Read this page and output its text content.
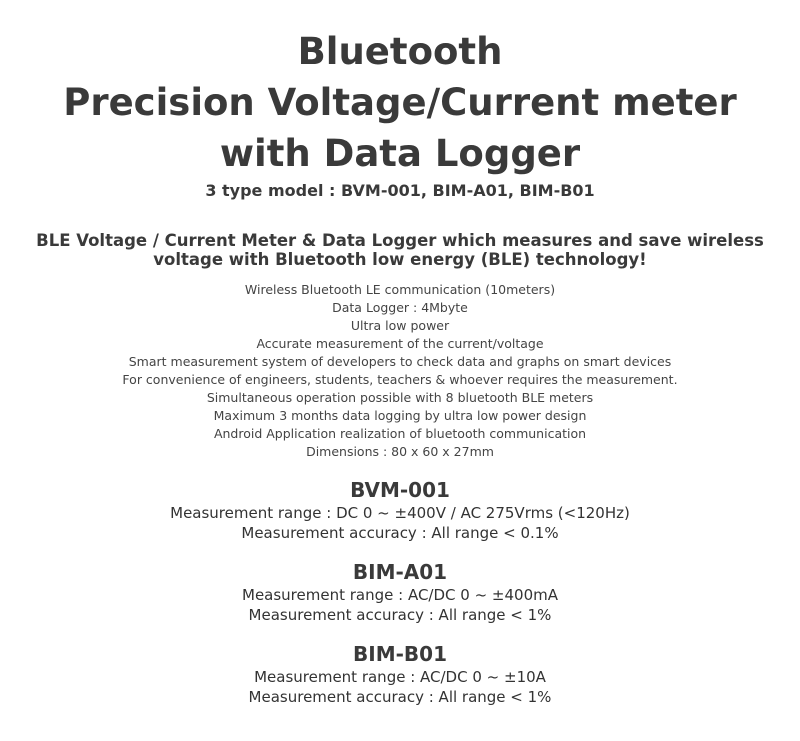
Bluetooth
Precision Voltage/Current meter
with Data Logger

3 type model : BVM-001, BIM-A01, BIM-B01

BLE Voltage / Current Meter & Data Logger which measures and save wireless
voltage with Bluetooth low energy (BLE) technology!

Wireless Bluetooth LE communication (10meters)
Data Logger : 4Mbyte
Ultra low power
Accurate measurement of the current/voltage
Smart measurement system of developers to check data and graphs on smart devices
For convenience of engineers, students, teachers & whoever requires the measurement.
Simultaneous operation possible with 8 bluetooth BLE meters
Maximum 3 months data logging by ultra low power design
Android Application realization of bluetooth communication
Dimensions : 80 x 60 x 27mm
BVM-001

Measurement range : DC 0 ~ ±400V / AC 275Vrms (<120Hz)

Measurement accuracy : All range < 0.1%

BIM-A01

Measurement range : AC/DC 0 ~ ±400mA

Measurement accuracy : All range < 1%

BIM-B01

Measurement range : AC/DC 0 ~ ±10A

Measurement accuracy : All range < 1%
